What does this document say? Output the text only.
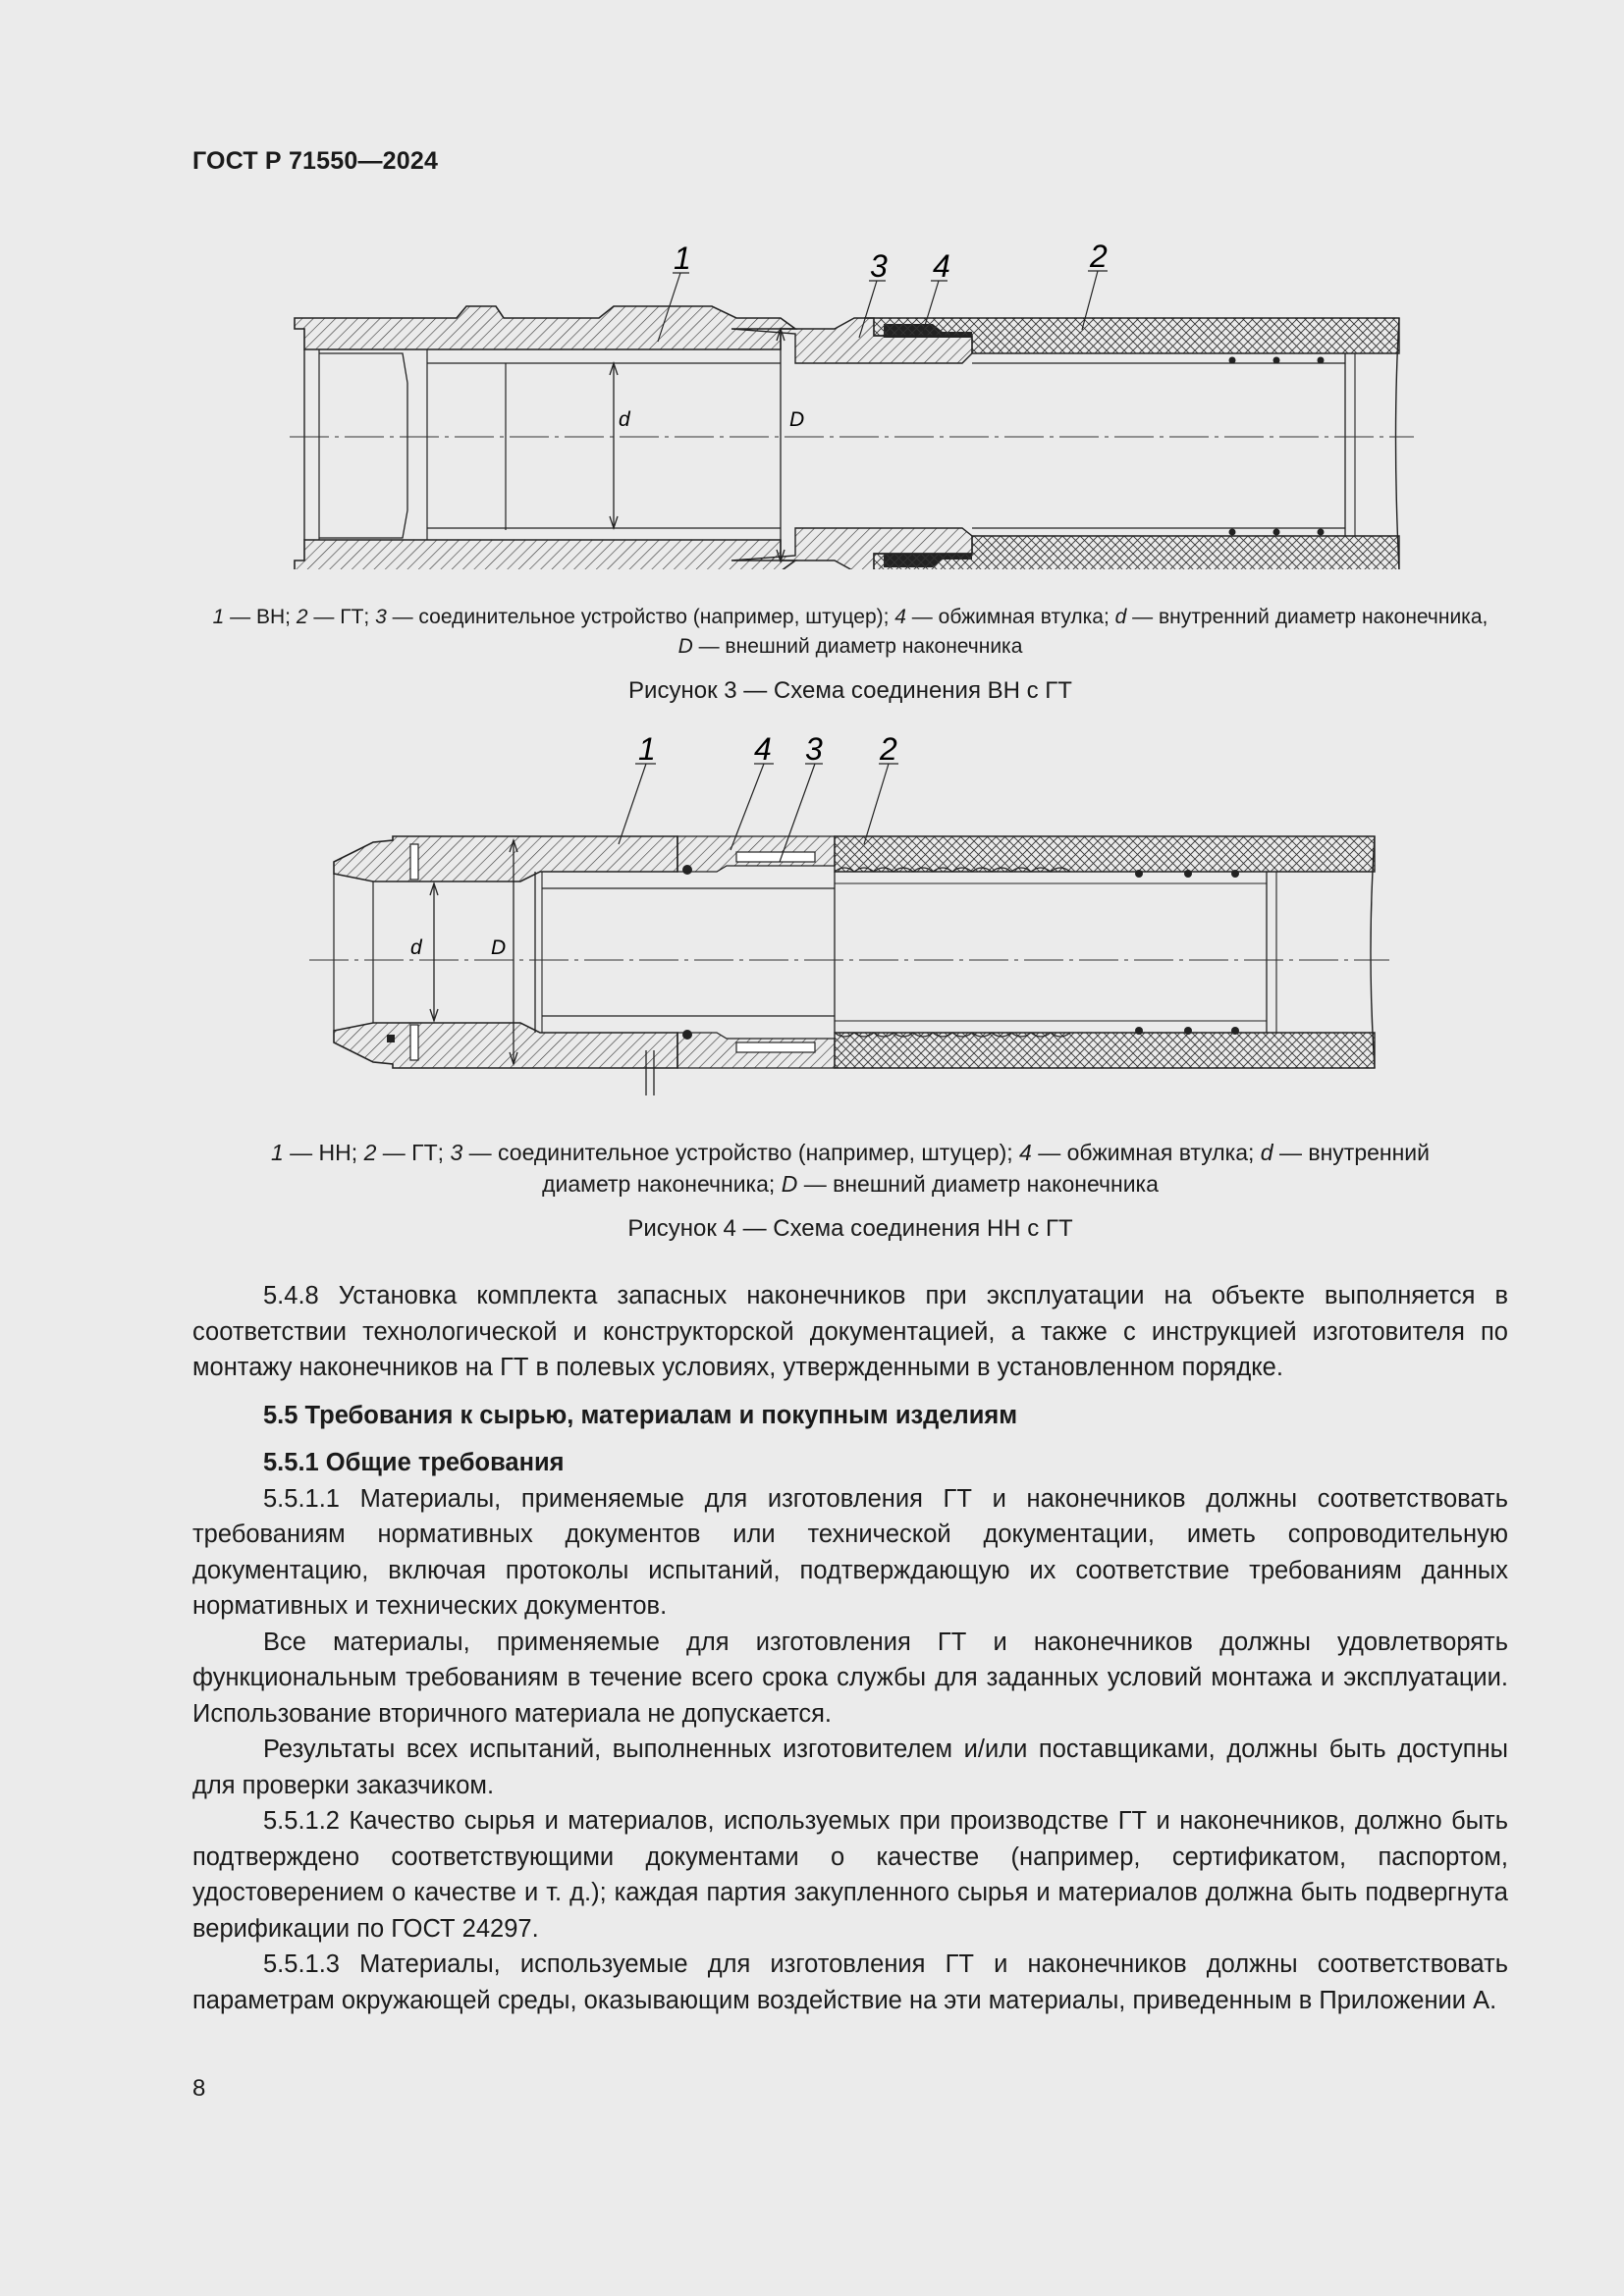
ГОСТ Р 71550—2024
d	D
1	3 4	2
1 — ВН; 2 — ГТ; 3 — соединительное устройство (например, штуцер); 4 — обжимная втулка; d — внутренний диаметр наконечника,
D — внешний диаметр наконечника
Рисунок 3 — Схема соединения ВН с ГТ
d	D
1	4 3 2
1 — НН; 2 — ГТ; 3 — соединительное устройство (например, штуцер); 4 — обжимная втулка; d — внутренний
диаметр наконечника; D — внешний диаметр наконечника
Рисунок 4 — Схема соединения НН с ГТ

5.4.8 Установка комплекта запасных наконечников при эксплуатации на объекте выполняется в соответствии технологической и конструкторской документацией, а также с инструкцией изготовителя по монтажу наконечников на ГТ в полевых условиях, утвержденными в установленном порядке.

5.5 Требования к сырью, материалам и покупным изделиям
5.5.1 Общие требования

5.5.1.1 Материалы, применяемые для изготовления ГТ и наконечников должны соответствовать требованиям нормативных документов или технической документации, иметь сопроводительную документацию, включая протоколы испытаний, подтверждающую их соответствие требованиям данных нормативных и технических документов.

Все материалы, применяемые для изготовления ГТ и наконечников должны удовлетворять функциональным требованиям в течение всего срока службы для заданных условий монтажа и эксплуатации. Использование вторичного материала не допускается.

Результаты всех испытаний, выполненных изготовителем и/или поставщиками, должны быть доступны для проверки заказчиком.

5.5.1.2 Качество сырья и материалов, используемых при производстве ГТ и наконечников, должно быть подтверждено соответствующими документами о качестве (например, сертификатом, паспортом, удостоверением о качестве и т. д.); каждая партия закупленного сырья и материалов должна быть подвергнута верификации по ГОСТ 24297.

5.5.1.3 Материалы, используемые для изготовления ГТ и наконечников должны соответствовать параметрам окружающей среды, оказывающим воздействие на эти материалы, приведенным в Приложении А.

8
